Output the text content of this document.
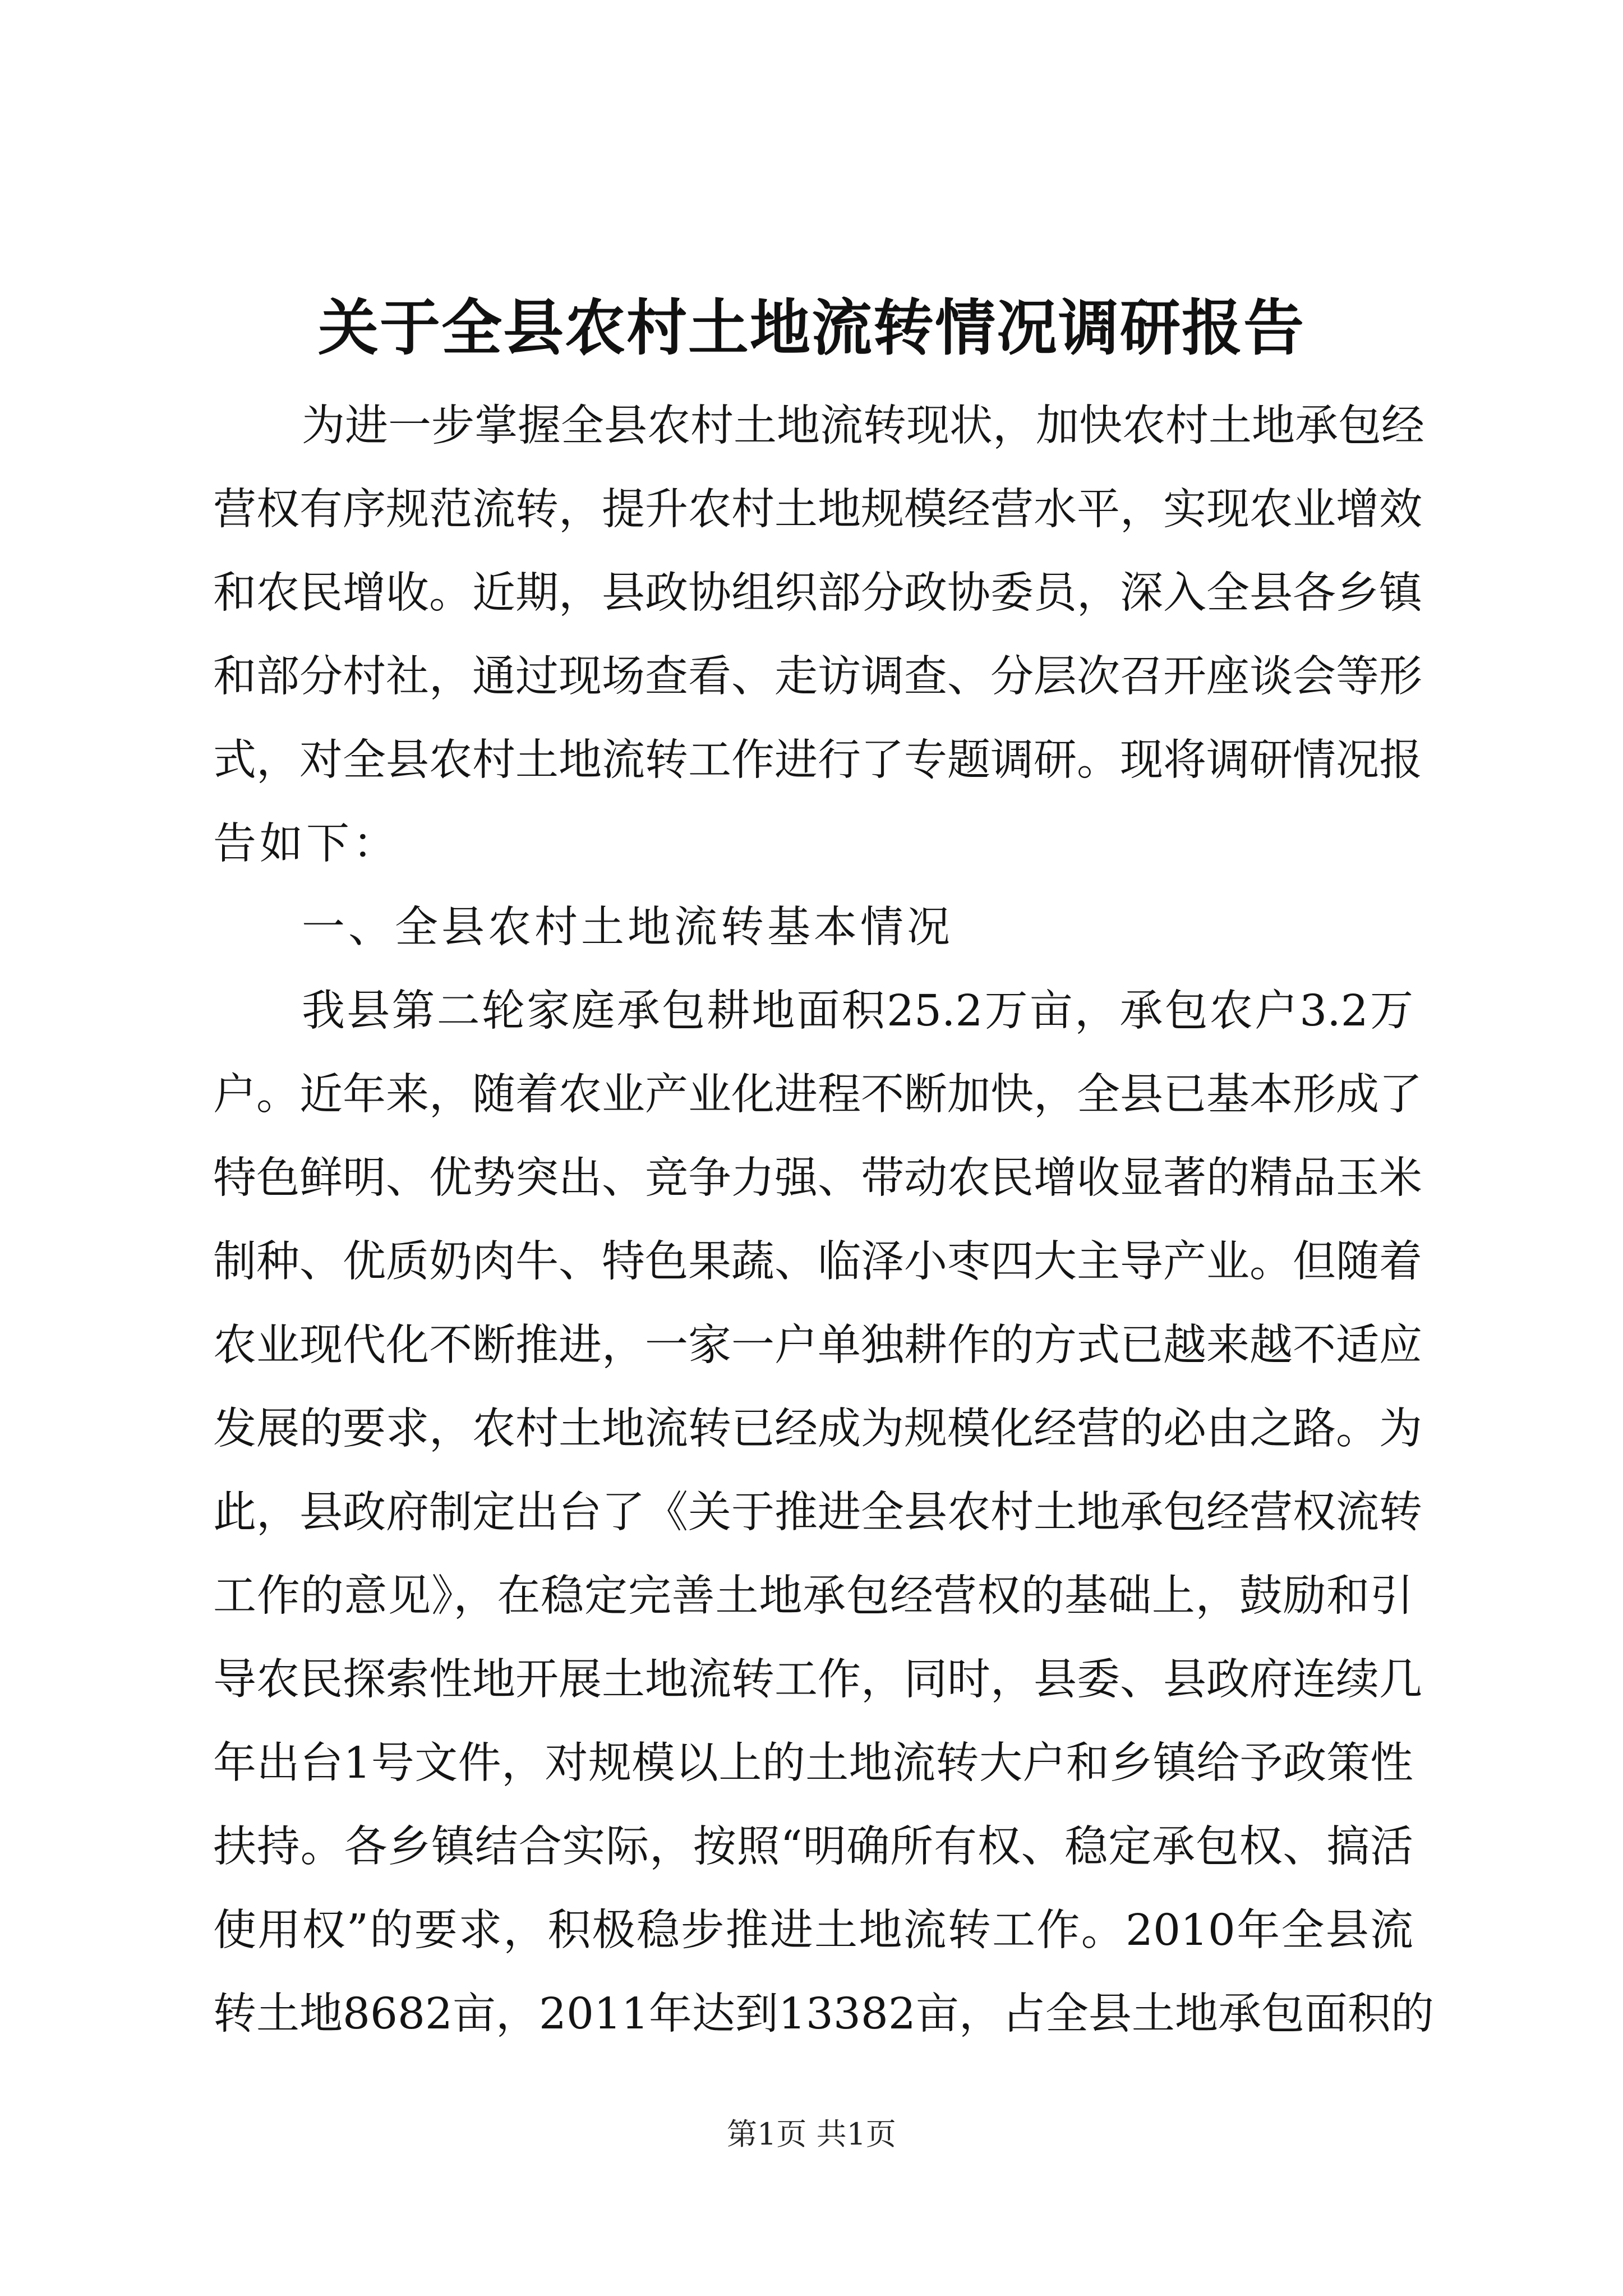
关于全县农村土地流转情况调研报告
为进一步掌握全县农村土地流转现状，加快农村土地承包经
营权有序规范流转，提升农村土地规模经营水平，实现农业增效
和农民增收。近期，县政协组织部分政协委员，深入全县各乡镇
和部分村社，通过现场查看、走访调查、分层次召开座谈会等形
式，对全县农村土地流转工作进行了专题调研。现将调研情况报
告如下：
一、全县农村土地流转基本情况
我县第二轮家庭承包耕地面积25.2万亩，承包农户3.2万
户。近年来，随着农业产业化进程不断加快，全县已基本形成了
特色鲜明、优势突出、竞争力强、带动农民增收显著的精品玉米
制种、优质奶肉牛、特色果蔬、临泽小枣四大主导产业。但随着
农业现代化不断推进，一家一户单独耕作的方式已越来越不适应
发展的要求，农村土地流转已经成为规模化经营的必由之路。为
此，县政府制定出台了《关于推进全县农村土地承包经营权流转
工作的意见》，在稳定完善土地承包经营权的基础上，鼓励和引
导农民探索性地开展土地流转工作，同时，县委、县政府连续几
年出台1号文件，对规模以上的土地流转大户和乡镇给予政策性
扶持。各乡镇结合实际，按照“明确所有权、稳定承包权、搞活
使用权”的要求，积极稳步推进土地流转工作。2010年全县流
转土地8682亩，2011年达到13382亩，占全县土地承包面积的
第1页 共1页
